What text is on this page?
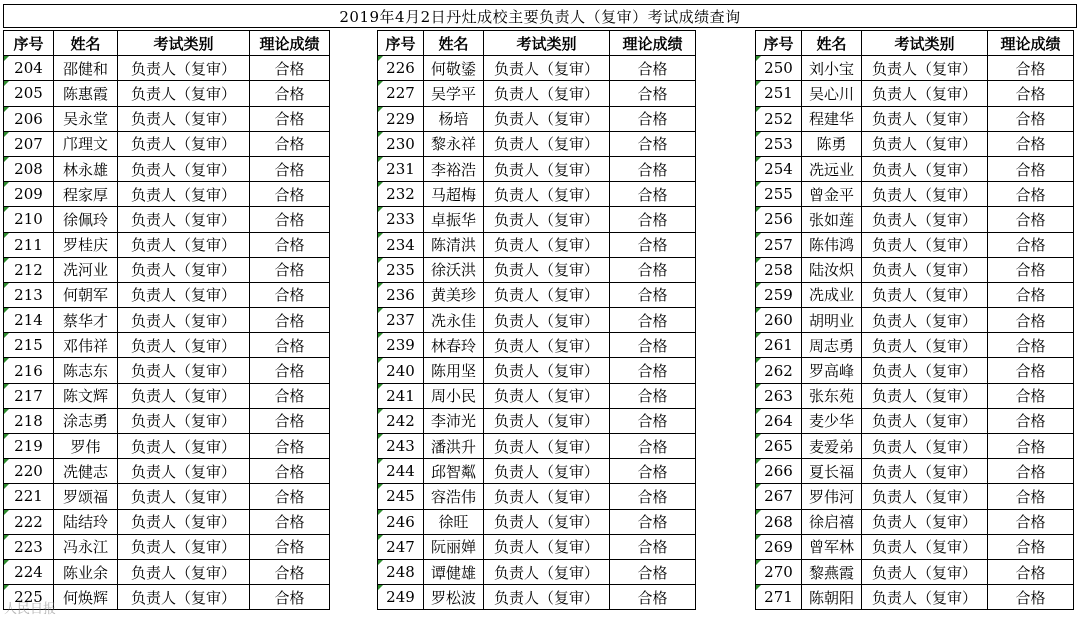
2019年4月2日丹灶成校主要负责人（复审）考试成绩查询
序号	姓名	考试类别	理论成绩
204	邵健和	负责人（复审）	合格
205	陈惠霞	负责人（复审）	合格
206	吴永堂	负责人（复审）	合格
207	邝理文	负责人（复审）	合格
208	林永雄	负责人（复审）	合格
209	程家厚	负责人（复审）	合格
210	徐佩玲	负责人（复审）	合格
211	罗桂庆	负责人（复审）	合格
212	冼河业	负责人（复审）	合格
213	何朝军	负责人（复审）	合格
214	蔡华才	负责人（复审）	合格
215	邓伟祥	负责人（复审）	合格
216	陈志东	负责人（复审）	合格
217	陈文辉	负责人（复审）	合格
218	涂志勇	负责人（复审）	合格
219	罗伟	负责人（复审）	合格
220	冼健志	负责人（复审）	合格
221	罗颂福	负责人（复审）	合格
222	陆结玲	负责人（复审）	合格
223	冯永江	负责人（复审）	合格
224	陈业余	负责人（复审）	合格
225	何焕辉	负责人（复审）	合格
序号	姓名	考试类别	理论成绩
226	何敬鋈	负责人（复审）	合格
227	吴学平	负责人（复审）	合格
229	杨培	负责人（复审）	合格
230	黎永祥	负责人（复审）	合格
231	李裕浩	负责人（复审）	合格
232	马超梅	负责人（复审）	合格
233	卓振华	负责人（复审）	合格
234	陈清洪	负责人（复审）	合格
235	徐沃洪	负责人（复审）	合格
236	黄美珍	负责人（复审）	合格
237	冼永佳	负责人（复审）	合格
239	林春玲	负责人（复审）	合格
240	陈用坚	负责人（复审）	合格
241	周小民	负责人（复审）	合格
242	李沛光	负责人（复审）	合格
243	潘洪升	负责人（复审）	合格
244	邱智粼	负责人（复审）	合格
245	容浩伟	负责人（复审）	合格
246	徐旺	负责人（复审）	合格
247	阮丽婵	负责人（复审）	合格
248	谭健雄	负责人（复审）	合格
249	罗松波	负责人（复审）	合格
序号	姓名	考试类别	理论成绩
250	刘小宝	负责人（复审）	合格
251	吴心川	负责人（复审）	合格
252	程建华	负责人（复审）	合格
253	陈勇	负责人（复审）	合格
254	冼远业	负责人（复审）	合格
255	曾金平	负责人（复审）	合格
256	张如莲	负责人（复审）	合格
257	陈伟鸿	负责人（复审）	合格
258	陆汝炽	负责人（复审）	合格
259	冼成业	负责人（复审）	合格
260	胡明业	负责人（复审）	合格
261	周志勇	负责人（复审）	合格
262	罗高峰	负责人（复审）	合格
263	张东苑	负责人（复审）	合格
264	麦少华	负责人（复审）	合格
265	麦爱弟	负责人（复审）	合格
266	夏长福	负责人（复审）	合格
267	罗伟河	负责人（复审）	合格
268	徐启禧	负责人（复审）	合格
269	曾军林	负责人（复审）	合格
270	黎燕霞	负责人（复审）	合格
271	陈朝阳	负责人（复审）	合格
人民日报
